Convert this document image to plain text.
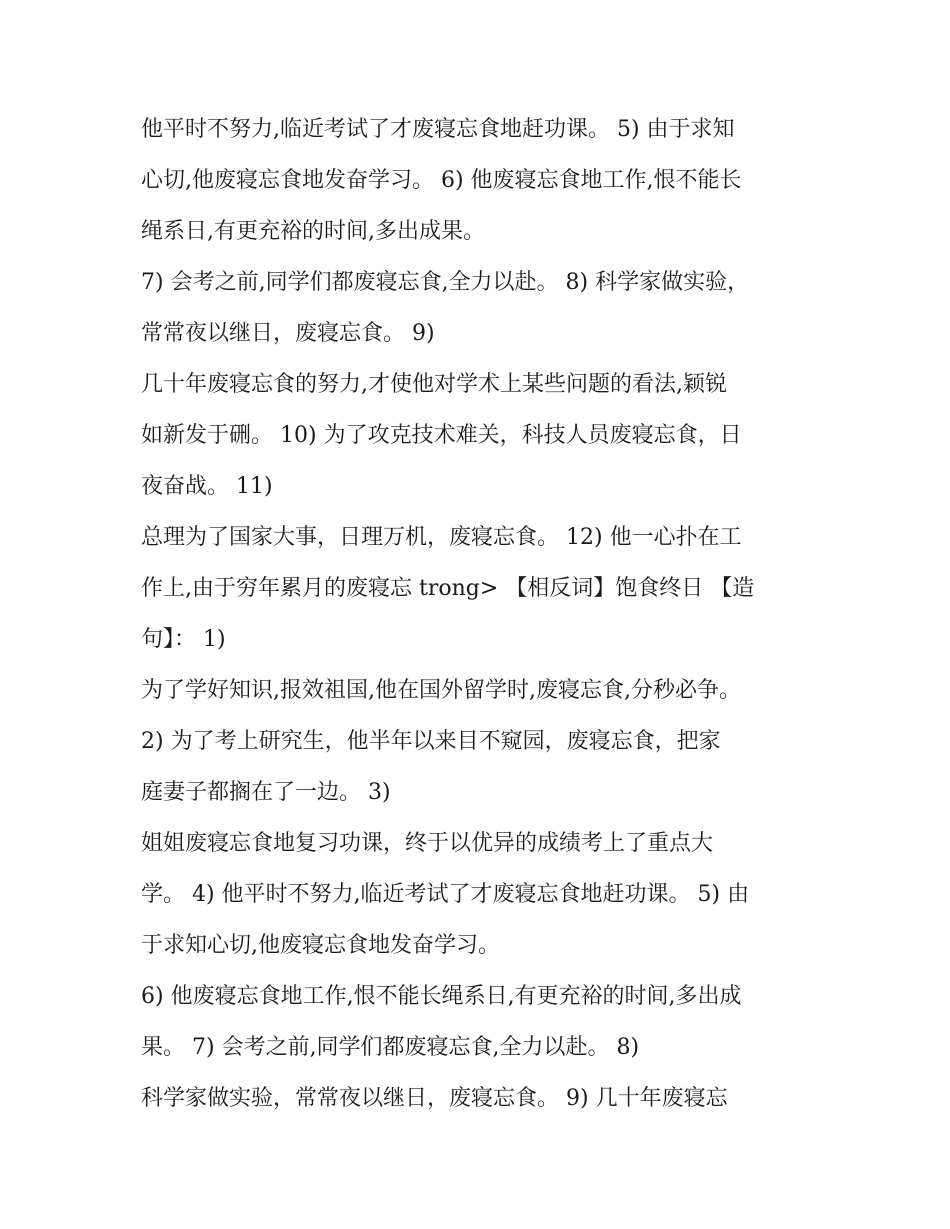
他平时不努力,临近考试了才废寝忘食地赶功课。 5) 由于求知
心切,他废寝忘食地发奋学习。 6) 他废寝忘食地工作,恨不能长
绳系日,有更充裕的时间,多出成果。
7) 会考之前,同学们都废寝忘食,全力以赴。 8) 科学家做实验，
常常夜以继日，废寝忘食。 9)
几十年废寝忘食的努力,才使他对学术上某些问题的看法,颖锐
如新发于硎。 10) 为了攻克技术难关，科技人员废寝忘食，日
夜奋战。 11)
总理为了国家大事，日理万机，废寝忘食。 12) 他一心扑在工
作上,由于穷年累月的废寝忘 trong> 【相反词】饱食终日 【造
句】： 1)
为了学好知识,报效祖国,他在国外留学时,废寝忘食,分秒必争。
2) 为了考上研究生，他半年以来目不窥园，废寝忘食，把家
庭妻子都搁在了一边。 3)
姐姐废寝忘食地复习功课，终于以优异的成绩考上了重点大
学。 4) 他平时不努力,临近考试了才废寝忘食地赶功课。 5) 由
于求知心切,他废寝忘食地发奋学习。
6) 他废寝忘食地工作,恨不能长绳系日,有更充裕的时间,多出成
果。 7) 会考之前,同学们都废寝忘食,全力以赴。 8)
科学家做实验，常常夜以继日，废寝忘食。 9) 几十年废寝忘
